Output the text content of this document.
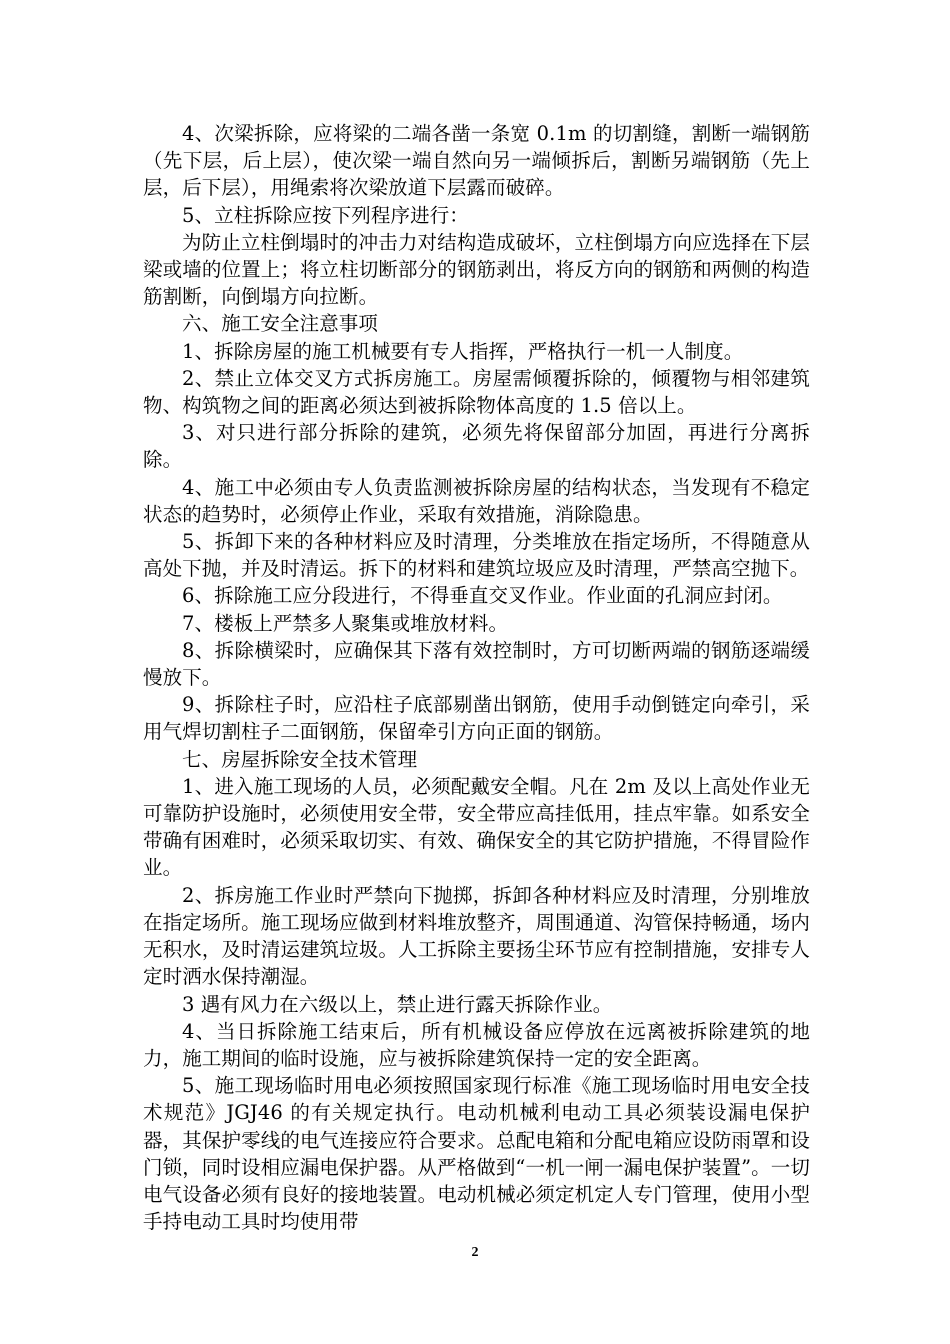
4、次梁拆除，应将梁的二端各凿一条宽 0.1m 的切割缝，割断一端钢筋（先下层，后上层），使次梁一端自然向另一端倾拆后，割断另端钢筋（先上层，后下层），用绳索将次梁放道下层露而破碎。

5、立柱拆除应按下列程序进行：

为防止立柱倒塌时的冲击力对结构造成破坏，立柱倒塌方向应选择在下层梁或墙的位置上；将立柱切断部分的钢筋剥出，将反方向的钢筋和两侧的构造筋割断，向倒塌方向拉断。

六、施工安全注意事项

1、拆除房屋的施工机械要有专人指挥，严格执行一机一人制度。

2、禁止立体交叉方式拆房施工。房屋需倾覆拆除的，倾覆物与相邻建筑物、构筑物之间的距离必须达到被拆除物体高度的 1.5 倍以上。

3、对只进行部分拆除的建筑，必须先将保留部分加固，再进行分离拆除。

4、施工中必须由专人负责监测被拆除房屋的结构状态，当发现有不稳定状态的趋势时，必须停止作业，采取有效措施，消除隐患。

5、拆卸下来的各种材料应及时清理，分类堆放在指定场所，不得随意从高处下抛，并及时清运。拆下的材料和建筑垃圾应及时清理，严禁高空抛下。

6、拆除施工应分段进行，不得垂直交叉作业。作业面的孔洞应封闭。

7、楼板上严禁多人聚集或堆放材料。

8、拆除横梁时，应确保其下落有效控制时，方可切断两端的钢筋逐端缓慢放下。

9、拆除柱子时，应沿柱子底部剔凿出钢筋，使用手动倒链定向牵引，采用气焊切割柱子二面钢筋，保留牵引方向正面的钢筋。

七、房屋拆除安全技术管理

1、进入施工现场的人员，必须配戴安全帽。凡在 2m 及以上高处作业无可靠防护设施时，必须使用安全带，安全带应高挂低用，挂点牢靠。如系安全带确有困难时，必须采取切实、有效、确保安全的其它防护措施，不得冒险作业。

2、拆房施工作业时严禁向下抛掷，拆卸各种材料应及时清理，分别堆放在指定场所。施工现场应做到材料堆放整齐，周围通道、沟管保持畅通，场内无积水，及时清运建筑垃圾。人工拆除主要扬尘环节应有控制措施，安排专人定时洒水保持潮湿。

3 遇有风力在六级以上，禁止进行露天拆除作业。

4、当日拆除施工结束后，所有机械设备应停放在远离被拆除建筑的地力，施工期间的临时设施，应与被拆除建筑保持一定的安全距离。

5、施工现场临时用电必须按照国家现行标准《施工现场临时用电安全技术规范》JGJ46 的有关规定执行。电动机械利电动工具必须装设漏电保护器，其保护零线的电气连接应符合要求。总配电箱和分配电箱应设防雨罩和设门锁，同时设相应漏电保护器。从严格做到“一机一闸一漏电保护装置”。一切电气设备必须有良好的接地装置。电动机械必须定机定人专门管理，使用小型手持电动工具时均使用带

2
